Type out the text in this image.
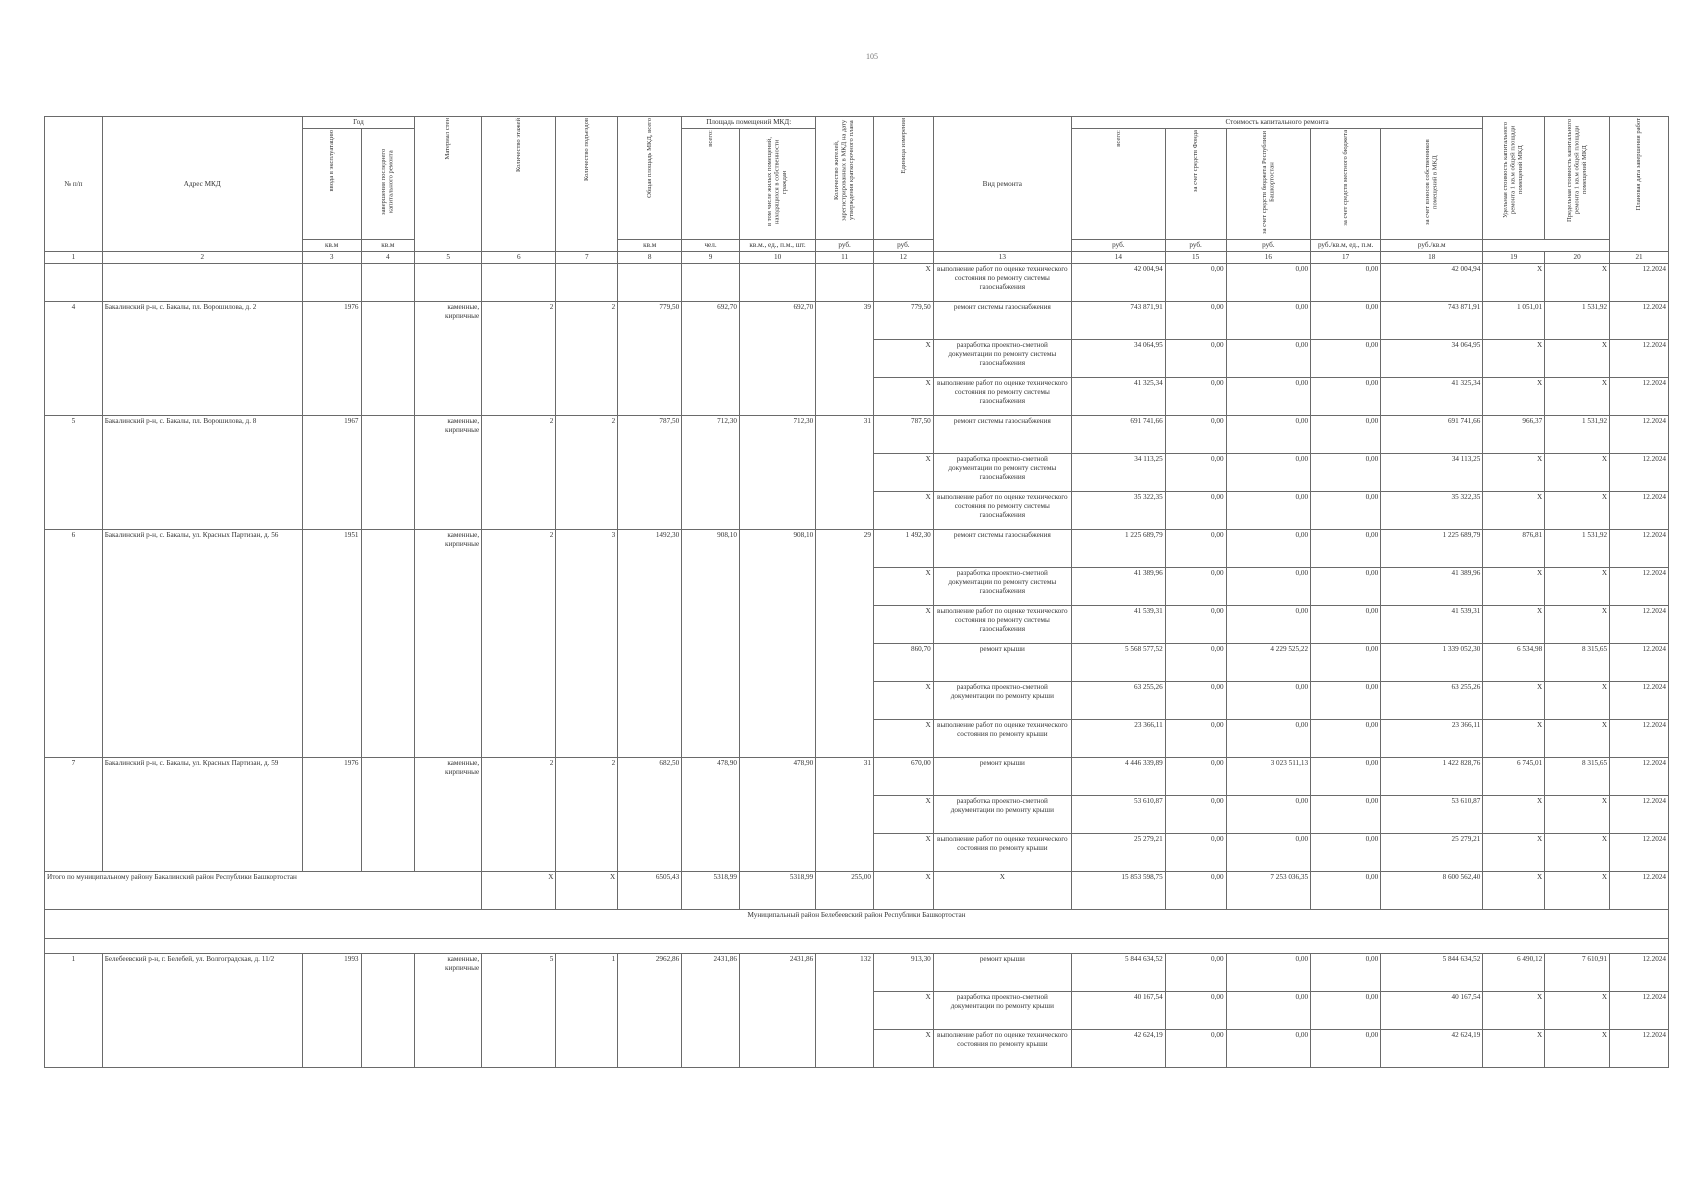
105
№ п/п	Адрес МКД	Год		Материал стен	Количество этажей	Количество подъездов	Общая площадь МКД, всего	Площадь помещений МКД:		Количество жителей, зарегистрированных в МКД на дату утверждения краткосрочного плана	Единица измерения	Вид ремонта	Стоимость капитального ремонта					Удельная стоимость капитального ремонта 1 кв.м общей площади помещений МКД	Предельная стоимость капитального ремонта 1 кв.м общей площади помещений МКД	Плановая дата завершения работ

		ввода в эксплуатацию	завершения последнего капитального ремонта					всего:	в том числе жилых помещений, находящихся в собственности граждан				всего:	за счет средств Фонда	за счет средств бюджета Республики Башкортостан	за счет средств местного бюджета	за счет взносов собственников помещений в МКД			

		кв.м	кв.м				кв.м	чел.	кв.м., ед., п.м., шт.	руб.	руб.		руб.	руб.	руб.	руб./кв.м, ед., п.м.	руб./кв.м			
1	2	3	4	5	6	7	8	9	10	11	12	13	14	15	16	17	18	19	20	21
											X	выполнение работ по оценке технического состояния по ремонту системы газоснабжения	42 004,94	0,00	0,00	0,00	42 004,94	X	X	12.2024
4	Бакалинский р-н, с. Бакалы, пл. Ворошилова, д. 2	1976		каменные, кирпичные	2	2	779,50	692,70	692,70	39	779,50	ремонт системы газоснабжения	743 871,91	0,00	0,00	0,00	743 871,91	1 051,01	1 531,92	12.2024
											X	разработка проектно-сметной документации по ремонту системы газоснабжения	34 064,95	0,00	0,00	0,00	34 064,95	X	X	12.2024
											X	выполнение работ по оценке технического состояния по ремонту системы газоснабжения	41 325,34	0,00	0,00	0,00	41 325,34	X	X	12.2024
5	Бакалинский р-н, с. Бакалы, пл. Ворошилова, д. 8	1967		каменные, кирпичные	2	2	787,50	712,30	712,30	31	787,50	ремонт системы газоснабжения	691 741,66	0,00	0,00	0,00	691 741,66	966,37	1 531,92	12.2024
											X	разработка проектно-сметной документации по ремонту системы газоснабжения	34 113,25	0,00	0,00	0,00	34 113,25	X	X	12.2024
											X	выполнение работ по оценке технического состояния по ремонту системы газоснабжения	35 322,35	0,00	0,00	0,00	35 322,35	X	X	12.2024
6	Бакалинский р-н, с. Бакалы, ул. Красных Партизан, д. 56	1951		каменные, кирпичные	2	3	1492,30	908,10	908,10	29	1 492,30	ремонт системы газоснабжения	1 225 689,79	0,00	0,00	0,00	1 225 689,79	876,81	1 531,92	12.2024
											X	разработка проектно-сметной документации по ремонту системы газоснабжения	41 389,96	0,00	0,00	0,00	41 389,96	X	X	12.2024
											X	выполнение работ по оценке технического состояния по ремонту системы газоснабжения	41 539,31	0,00	0,00	0,00	41 539,31	X	X	12.2024
											860,70	ремонт крыши	5 568 577,52	0,00	4 229 525,22	0,00	1 339 052,30	6 534,98	8 315,65	12.2024
											X	разработка проектно-сметной документации по ремонту крыши	63 255,26	0,00	0,00	0,00	63 255,26	X	X	12.2024
											X	выполнение работ по оценке технического состояния по ремонту крыши	23 366,11	0,00	0,00	0,00	23 366,11	X	X	12.2024
7	Бакалинский р-н, с. Бакалы, ул. Красных Партизан, д. 59	1976		каменные, кирпичные	2	2	682,50	478,90	478,90	31	670,00	ремонт крыши	4 446 339,89	0,00	3 023 511,13	0,00	1 422 828,76	6 745,01	8 315,65	12.2024
											X	разработка проектно-сметной документации по ремонту крыши	53 610,87	0,00	0,00	0,00	53 610,87	X	X	12.2024
											X	выполнение работ по оценке технического состояния по ремонту крыши	25 279,21	0,00	0,00	0,00	25 279,21	X	X	12.2024
Итого по муниципальному району Бакалинский район Республики Башкортостан					X	X	6505,43	5318,99	5318,99	255,00	X	X	15 853 598,75	0,00	7 253 036,35	0,00	8 600 562,40	X	X	12.2024
Муниципальный район Белебеевский район Республики Башкортостан																				

1	Белебеевский р-н, г. Белебей, ул. Волгоградская, д. 11/2	1993		каменные, кирпичные	5	1	2962,86	2431,86	2431,86	132	913,30	ремонт крыши	5 844 634,52	0,00	0,00	0,00	5 844 634,52	6 490,12	7 610,91	12.2024
											X	разработка проектно-сметной документации по ремонту крыши	40 167,54	0,00	0,00	0,00	40 167,54	X	X	12.2024
											X	выполнение работ по оценке технического состояния по ремонту крыши	42 624,19	0,00	0,00	0,00	42 624,19	X	X	12.2024
